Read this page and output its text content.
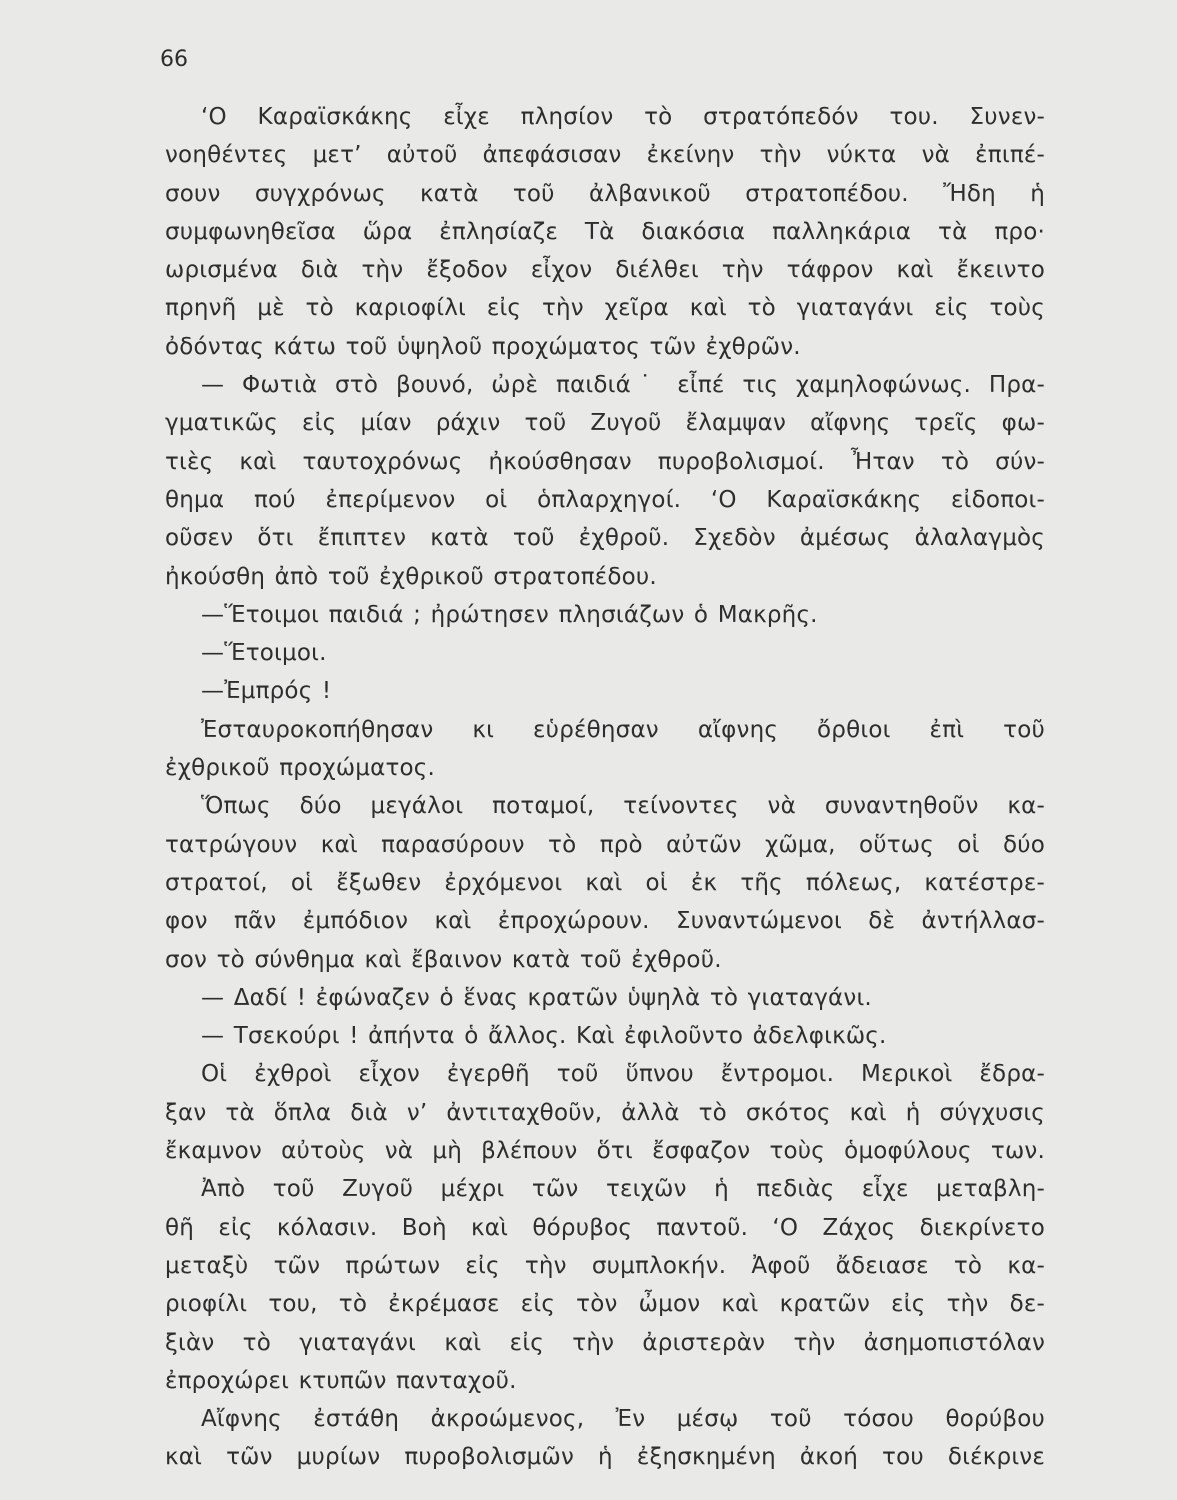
66
‘Ο Καραϊσκάκης εἶχε πλησίον τὸ στρατόπεδόν του. Συνεν-
νοηθέντες μετ’ αὐτοῦ ἀπεφάσισαν ἐκείνην τὴν νύκτα νὰ ἐπιπέ-
σουν συγχρόνως κατὰ τοῦ ἀλβανικοῦ στρατοπέδου. Ἤδη ἡ
συμφωνηθεῖσα ὥρα ἐπλησίαζε Τὰ διακόσια παλληκάρια τὰ προ·
ωρισμένα διὰ τὴν ἔξοδον εἶχον διέλθει τὴν τάφρον καὶ ἔκειντο
πρηνῆ μὲ τὸ καριοφίλι εἰς τὴν χεῖρα καὶ τὸ γιαταγάνι εἰς τοὺς
ὀδόντας κάτω τοῦ ὑψηλοῦ προχώματος τῶν ἐχθρῶν.
— Φωτιὰ στὸ βουνό, ὠρὲ παιδιά˙ εἶπέ τις χαμηλοφώνως. Πρα-
γματικῶς εἰς μίαν ράχιν τοῦ Ζυγοῦ ἔλαμψαν αἴφνης τρεῖς φω-
τιὲς καὶ ταυτοχρόνως ἠκούσθησαν πυροβολισμοί. Ἦταν τὸ σύν-
θημα πού ἐπερίμενον οἱ ὁπλαρχηγοί. ‘Ο Καραϊσκάκης εἰδοποι-
οῦσεν ὅτι ἔπιπτεν κατὰ τοῦ ἐχθροῦ. Σχεδὸν ἀμέσως ἀλαλαγμὸς
ἠκούσθη ἀπὸ τοῦ ἐχθρικοῦ στρατοπέδου.
—Ἕτοιμοι παιδιά ; ἠρώτησεν πλησιάζων ὁ Μακρῆς.
—Ἕτοιμοι.
—Ἐμπρός !
Ἐσταυροκοπήθησαν κι εὑρέθησαν αἴφνης ὄρθιοι ἐπὶ τοῦ
ἐχθρικοῦ προχώματος.
Ὅπως δύο μεγάλοι ποταμοί, τείνοντες νὰ συναντηθοῦν κα-
τατρώγουν καὶ παρασύρουν τὸ πρὸ αὐτῶν χῶμα, οὕτως οἱ δύο
στρατοί, οἱ ἔξωθεν ἐρχόμενοι καὶ οἱ ἐκ τῆς πόλεως, κατέστρε-
φον πᾶν ἐμπόδιον καὶ ἐπροχώρουν. Συναντώμενοι δὲ ἀντήλλασ-
σον τὸ σύνθημα καὶ ἔβαινον κατὰ τοῦ ἐχθροῦ.
— Δαδί ! ἐφώναζεν ὁ ἕνας κρατῶν ὑψηλὰ τὸ γιαταγάνι.
— Τσεκούρι ! ἀπήντα ὁ ἄλλος. Καὶ ἐφιλοῦντο ἀδελφικῶς.
Οἱ ἐχθροὶ εἶχον ἐγερθῆ τοῦ ὕπνου ἔντρομοι. Μερικοὶ ἔδρα-
ξαν τὰ ὅπλα διὰ ν’ ἀντιταχθοῦν, ἀλλὰ τὸ σκότος καὶ ἡ σύγχυσις
ἔκαμνον αὐτοὺς νὰ μὴ βλέπουν ὅτι ἔσφαζον τοὺς ὁμοφύλους των.
Ἀπὸ τοῦ Ζυγοῦ μέχρι τῶν τειχῶν ἡ πεδιὰς εἶχε μεταβλη-
θῆ εἰς κόλασιν. Βοὴ καὶ θόρυβος παντοῦ. ‘Ο Ζάχος διεκρίνετο
μεταξὺ τῶν πρώτων εἰς τὴν συμπλοκήν. Ἀφοῦ ἄδειασε τὸ κα-
ριοφίλι του, τὸ ἐκρέμασε εἰς τὸν ὦμον καὶ κρατῶν εἰς τὴν δε-
ξιὰν τὸ γιαταγάνι καὶ εἰς τὴν ἀριστερὰν τὴν ἀσημοπιστόλαν
ἐπροχώρει κτυπῶν πανταχοῦ.
Αἴφνης ἐστάθη ἀκροώμενος, Ἐν μέσῳ τοῦ τόσου θορύβου
καὶ τῶν μυρίων πυροβολισμῶν ἡ ἐξησκημένη ἀκοή του διέκρινε
